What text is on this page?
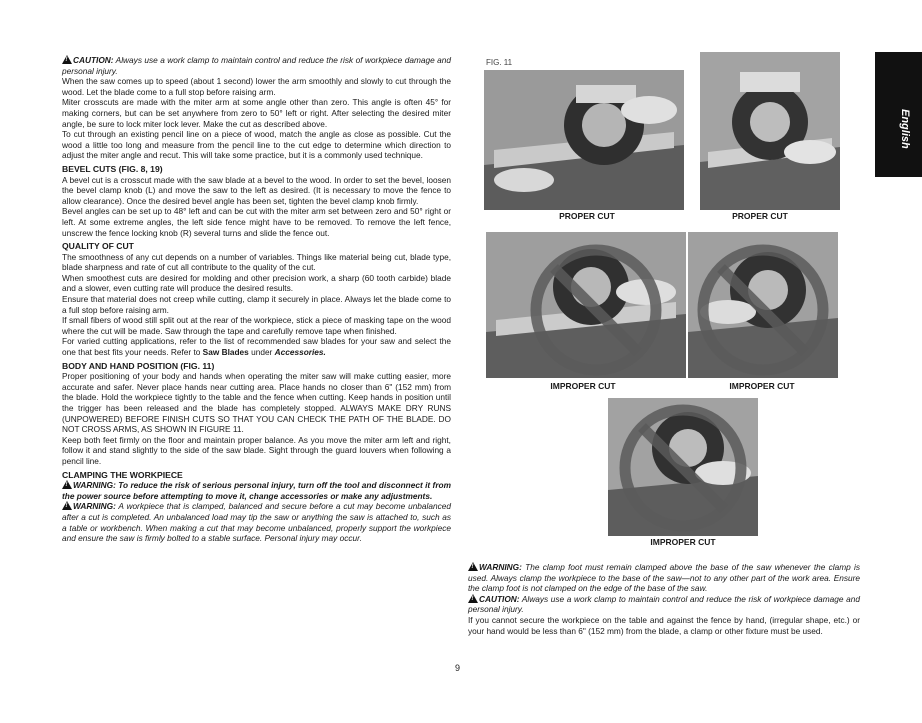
!CAUTION: Always use a work clamp to maintain control and reduce the risk of workpiece damage and personal injury.

When the saw comes up to speed (about 1 second) lower the arm smoothly and slowly to cut through the wood. Let the blade come to a full stop before raising arm.

Miter crosscuts are made with the miter arm at some angle other than zero. This angle is often 45° for making corners, but can be set anywhere from zero to 50° left or right. After selecting the desired miter angle, be sure to lock miter lock lever. Make the cut as described above.

To cut through an existing pencil line on a piece of wood, match the angle as close as possible. Cut the wood a little too long and measure from the pencil line to the cut edge to determine which direction to adjust the miter angle and recut. This will take some practice, but it is a commonly used technique.

BEVEL CUTS (FIG. 8, 19)

A bevel cut is a crosscut made with the saw blade at a bevel to the wood. In order to set the bevel, loosen the bevel clamp knob (L) and move the saw to the left as desired. (It is necessary to move the fence to allow clearance). Once the desired bevel angle has been set, tighten the bevel clamp knob firmly.

Bevel angles can be set up to 48° left and can be cut with the miter arm set between zero and 50° right or left. At some extreme angles, the left side fence might have to be removed. To remove the left fence, unscrew the fence locking knob (R) several turns and slide the fence out.

QUALITY OF CUT

The smoothness of any cut depends on a number of variables. Things like material being cut, blade type, blade sharpness and rate of cut all contribute to the quality of the cut.

When smoothest cuts are desired for molding and other precision work, a sharp (60 tooth carbide) blade and a slower, even cutting rate will produce the desired results.

Ensure that material does not creep while cutting, clamp it securely in place. Always let the blade come to a full stop before raising arm.

If small fibers of wood still split out at the rear of the workpiece, stick a piece of masking tape on the wood where the cut will be made. Saw through the tape and carefully remove tape when finished.

For varied cutting applications, refer to the list of recommended saw blades for your saw and select the one that best fits your needs. Refer to Saw Blades under Accessories.

BODY AND HAND POSITION (FIG. 11)

Proper positioning of your body and hands when operating the miter saw will make cutting easier, more accurate and safer. Never place hands near cutting area. Place hands no closer than 6" (152 mm) from the blade. Hold the workpiece tightly to the table and the fence when cutting. Keep hands in position until the trigger has been released and the blade has completely stopped. ALWAYS MAKE DRY RUNS (UNPOWERED) BEFORE FINISH CUTS SO THAT YOU CAN CHECK THE PATH OF THE BLADE. DO NOT CROSS ARMS, AS SHOWN IN FIGURE 11.

Keep both feet firmly on the floor and maintain proper balance. As you move the miter arm left and right, follow it and stand slightly to the side of the saw blade. Sight through the guard louvers when following a pencil line.

CLAMPING THE WORKPIECE

!WARNING: To reduce the risk of serious personal injury, turn off the tool and disconnect it from the power source before attempting to move it, change accessories or make any adjustments.

!WARNING: A workpiece that is clamped, balanced and secure before a cut may become unbalanced after a cut is completed. An unbalanced load may tip the saw or anything the saw is attached to, such as a table or workbench. When making a cut that may become unbalanced, properly support the workpiece and ensure the saw is firmly bolted to a stable surface. Personal injury may occur.

FIG. 11
PROPER CUT	PROPER CUT
IMPROPER CUT	IMPROPER CUT
IMPROPER CUT

!WARNING: The clamp foot must remain clamped above the base of the saw whenever the clamp is used. Always clamp the workpiece to the base of the saw—not to any other part of the work area. Ensure the clamp foot is not clamped on the edge of the base of the saw.

!CAUTION: Always use a work clamp to maintain control and reduce the risk of workpiece damage and personal injury.

If you cannot secure the workpiece on the table and against the fence by hand, (irregular shape, etc.) or your hand would be less than 6" (152 mm) from the blade, a clamp or other fixture must be used.

English
9
